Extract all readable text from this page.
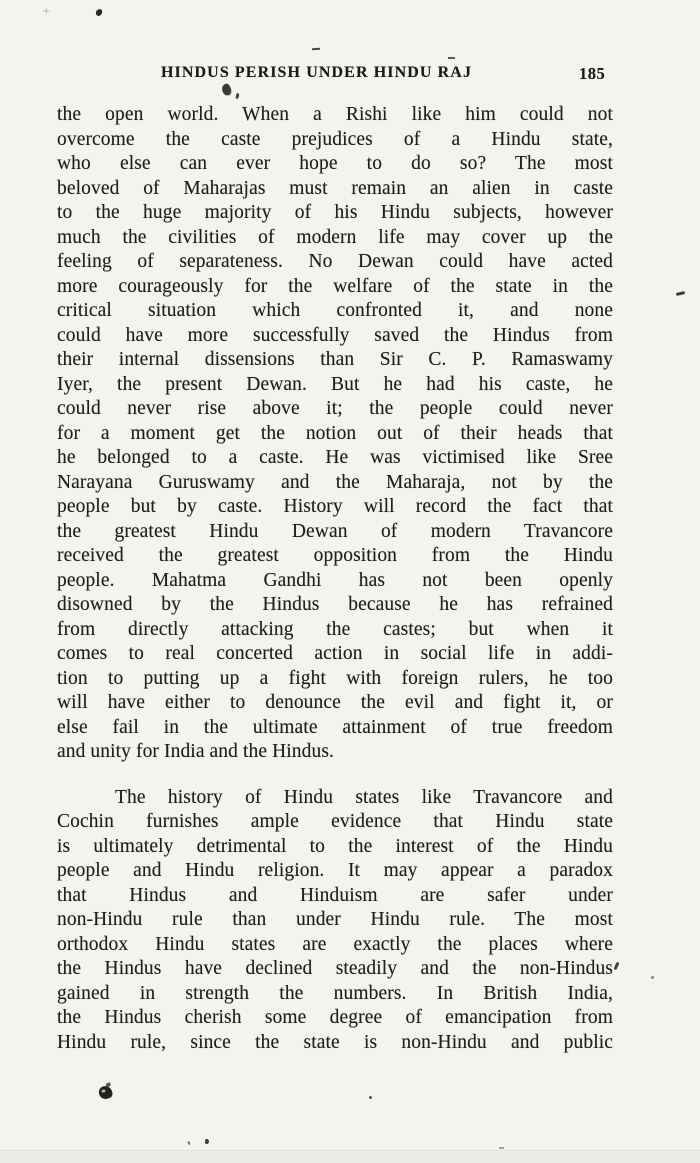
HINDUS PERISH UNDER HINDU RAJ	185
the open world. When a Rishi like him could not
overcome the caste prejudices of a Hindu state,
who else can ever hope to do so? The most
beloved of Maharajas must remain an alien in caste
to the huge majority of his Hindu subjects, however
much the civilities of modern life may cover up the
feeling of separateness. No Dewan could have acted
more courageously for the welfare of the state in the
critical situation which confronted it, and none
could have more successfully saved the Hindus from
their internal dissensions than Sir C. P. Ramaswamy
Iyer, the present Dewan. But he had his caste, he
could never rise above it; the people could never
for a moment get the notion out of their heads that
he belonged to a caste. He was victimised like Sree
Narayana Guruswamy and the Maharaja, not by the
people but by caste. History will record the fact that
the greatest Hindu Dewan of modern Travancore
received the greatest opposition from the Hindu
people. Mahatma Gandhi has not been openly
disowned by the Hindus because he has refrained
from directly attacking the castes; but when it
comes to real concerted action in social life in addi-
tion to putting up a fight with foreign rulers, he too
will have either to denounce the evil and fight it, or
else fail in the ultimate attainment of true freedom
and unity for India and the Hindus.
The history of Hindu states like Travancore and
Cochin furnishes ample evidence that Hindu state
is ultimately detrimental to the interest of the Hindu
people and Hindu religion. It may appear a paradox
that Hindus and Hinduism are safer under
non-Hindu rule than under Hindu rule. The most
orthodox Hindu states are exactly the places where
the Hindus have declined steadily and the non-Hindus
gained in strength the numbers. In British India,
the Hindus cherish some degree of emancipation from
Hindu rule, since the state is non-Hindu and public
+
